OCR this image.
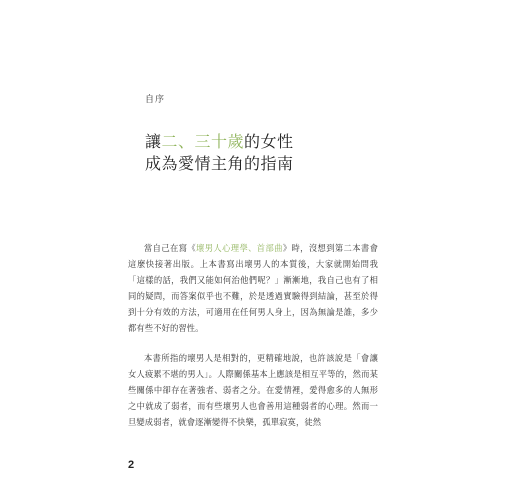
自序
讓二、三十歲的女性
成為愛情主角的指南

當自己在寫《壞男人心理學、首部曲》時，沒想到第二本書會這麼快接著出版。上本書寫出壞男人的本質後，大家就開始問我「這樣的話，我們又能如何治他們呢？」漸漸地，我自己也有了相同的疑問，而答案似乎也不難，於是透過實驗得到結論，甚至於得到十分有效的方法，可適用在任何男人身上，因為無論是誰，多少都有些不好的習性。

本書所指的壞男人是相對的，更精確地說，也許該說是「會讓女人疲累不堪的男人」。人際關係基本上應該是相互平等的，然而某些關係中卻存在著強者、弱者之分。在愛情裡，愛得愈多的人無形之中就成了弱者，而有些壞男人也會善用這種弱者的心理。然而一旦變成弱者，就會逐漸變得不快樂，孤單寂寞，徒然

2
